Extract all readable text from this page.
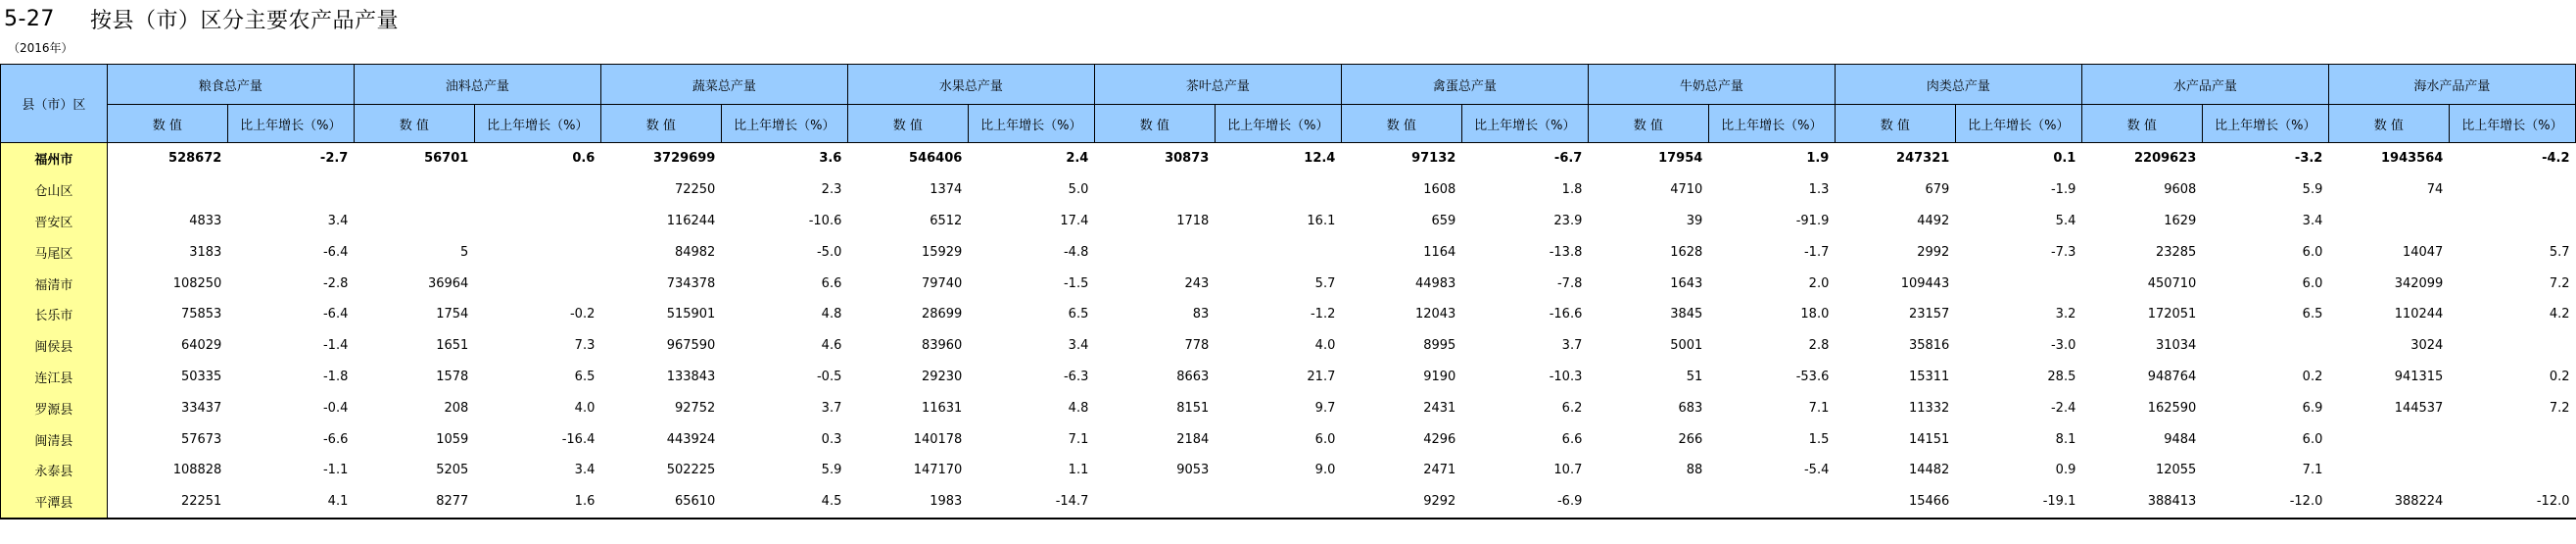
5-27	按县（市）区分主要农产品产量
（2016年）
县（市）区	粮食总产量		油料总产量		蔬菜总产量		水果总产量		茶叶总产量		禽蛋总产量		牛奶总产量		肉类总产量		水产品产量		海水产品产量	
	数 值	比上年增长（%）	数 值	比上年增长（%）	数 值	比上年增长（%）	数 值	比上年增长（%）	数 值	比上年增长（%）	数 值	比上年增长（%）	数 值	比上年增长（%）	数 值	比上年增长（%）	数 值	比上年增长（%）	数 值	比上年增长（%）
福州市	528672	-2.7	56701	0.6	3729699	3.6	546406	2.4	30873	12.4	97132	-6.7	17954	1.9	247321	0.1	2209623	-3.2	1943564	-4.2
仓山区					72250	2.3	1374	5.0			1608	1.8	4710	1.3	679	-1.9	9608	5.9	74	
晋安区	4833	3.4			116244	-10.6	6512	17.4	1718	16.1	659	23.9	39	-91.9	4492	5.4	1629	3.4		
马尾区	3183	-6.4	5		84982	-5.0	15929	-4.8			1164	-13.8	1628	-1.7	2992	-7.3	23285	6.0	14047	5.7
福清市	108250	-2.8	36964		734378	6.6	79740	-1.5	243	5.7	44983	-7.8	1643	2.0	109443		450710	6.0	342099	7.2
长乐市	75853	-6.4	1754	-0.2	515901	4.8	28699	6.5	83	-1.2	12043	-16.6	3845	18.0	23157	3.2	172051	6.5	110244	4.2
闽侯县	64029	-1.4	1651	7.3	967590	4.6	83960	3.4	778	4.0	8995	3.7	5001	2.8	35816	-3.0	31034		3024	
连江县	50335	-1.8	1578	6.5	133843	-0.5	29230	-6.3	8663	21.7	9190	-10.3	51	-53.6	15311	28.5	948764	0.2	941315	0.2
罗源县	33437	-0.4	208	4.0	92752	3.7	11631	4.8	8151	9.7	2431	6.2	683	7.1	11332	-2.4	162590	6.9	144537	7.2
闽清县	57673	-6.6	1059	-16.4	443924	0.3	140178	7.1	2184	6.0	4296	6.6	266	1.5	14151	8.1	9484	6.0		
永泰县	108828	-1.1	5205	3.4	502225	5.9	147170	1.1	9053	9.0	2471	10.7	88	-5.4	14482	0.9	12055	7.1		
平潭县	22251	4.1	8277	1.6	65610	4.5	1983	-14.7			9292	-6.9			15466	-19.1	388413	-12.0	388224	-12.0
